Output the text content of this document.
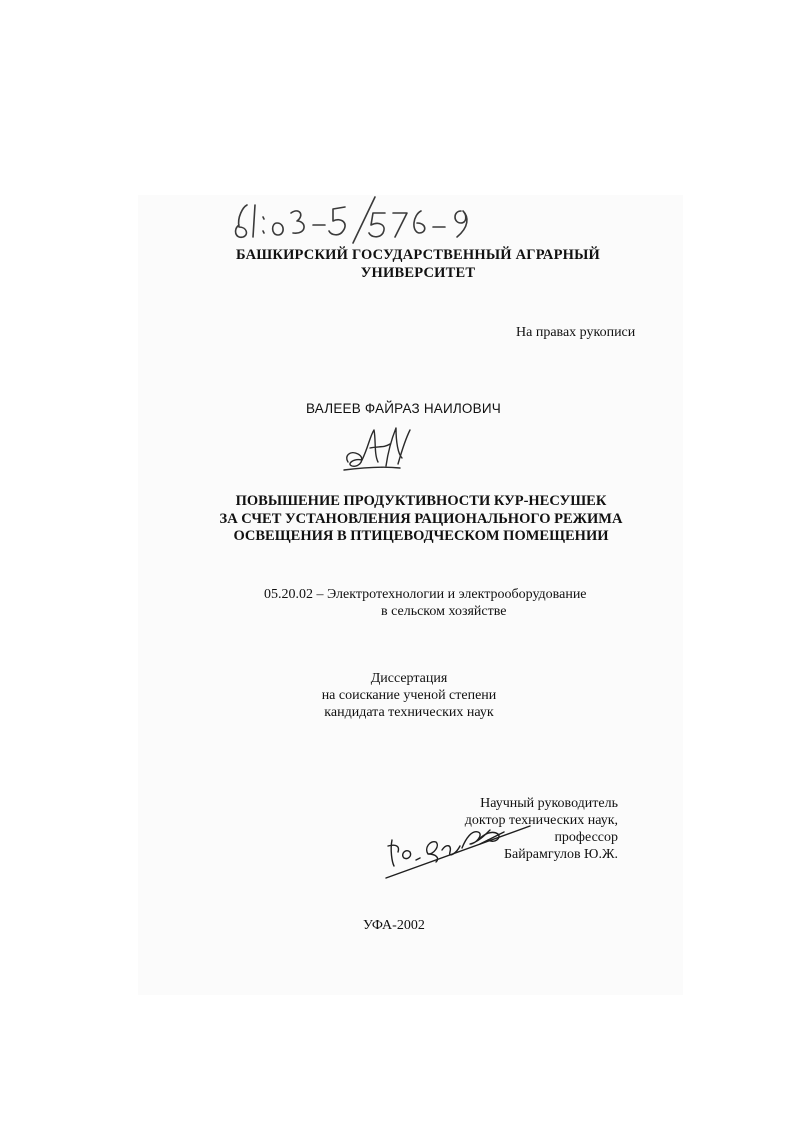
БАШКИРСКИЙ ГОСУДАРСТВЕННЫЙ АГРАРНЫЙ
УНИВЕРСИТЕТ
На правах рукописи
ВАЛЕЕВ ФАЙРАЗ НАИЛОВИЧ
ПОВЫШЕНИЕ ПРОДУКТИВНОСТИ КУР-НЕСУШЕК
ЗА СЧЕТ УСТАНОВЛЕНИЯ РАЦИОНАЛЬНОГО РЕЖИМА
ОСВЕЩЕНИЯ В ПТИЦЕВОДЧЕСКОМ ПОМЕЩЕНИИ
05.20.02 – Электротехнологии и электрооборудование
в сельском хозяйстве
Диссертация
на соискание ученой степени
кандидата технических наук
Научный руководитель
доктор технических наук, профессор
Байрамгулов Ю.Ж.
УФА-2002
